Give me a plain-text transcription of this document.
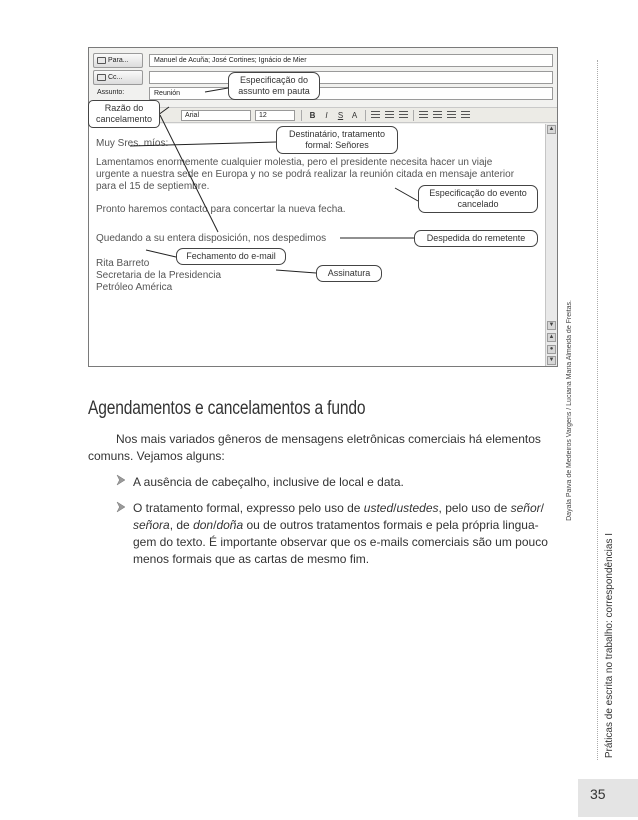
Para...	Manuel de Acuña; José Cortines; Ignácio de Mier
Cc...
Assunto:	Reunión
Arial	12	B	I	S	A
Muy Sres. míos:
Lamentamos enormemente cualquier molestia, pero el presidente necesita hacer un viaje
urgente a nuestra sede en Europa y no se podrá realizar la reunión citada en mensaje anterior
para el 15 de septiembre.
Pronto haremos contacto para concertar la nueva fecha.
Quedando a su entera disposición, nos despedimos
Rita Barreto
Secretaria de la Presidencia
Petróleo América
▲
▼
▲
●
▼
Especificação do
assunto em pauta
Razão do
cancelamento
Destinatário, tratamento
formal: Señores
Especificação do evento
cancelado
Despedida do remetente
Fechamento do e-mail
Assinatura
Agendamentos e cancelamentos a fundo
Nos mais variados gêneros de mensagens eletrônicas comerciais há elementos
comuns. Vejamos alguns:
A ausência de cabeçalho, inclusive de local e data.
O tratamento formal, expresso pelo uso de usted/ustedes, pelo uso de señor/
señora, de don/doña ou de outros tratamentos formais e pela própria lingua-
gem do texto. É importante observar que os e-mails comerciais são um pouco
menos formais que as cartas de mesmo fim.
Dayala Paiva de Medeiros Vargens / Luciana Maria Almeida de Freitas.
Práticas de escrita no trabalho: correspondências I
35
